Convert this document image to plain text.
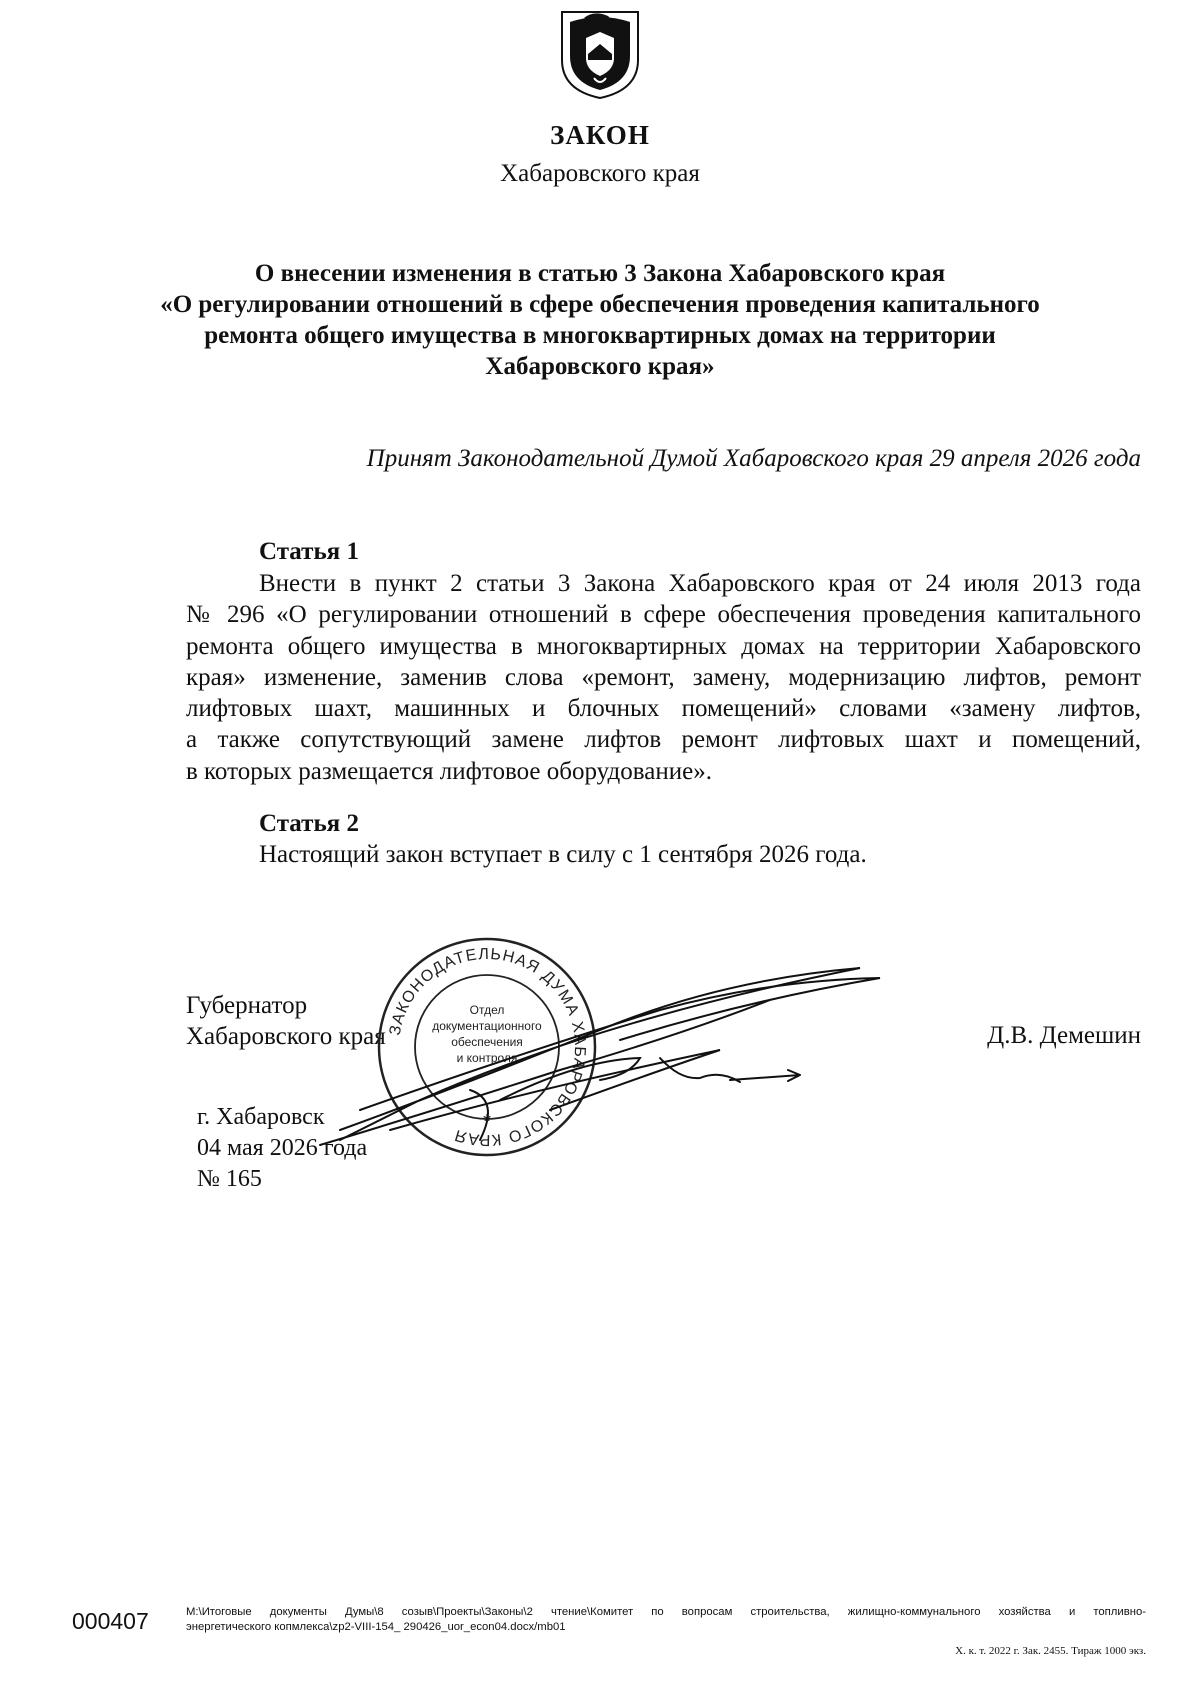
ЗАКОН
Хабаровского края
О внесении изменения в статью 3 Закона Хабаровского края
«О регулировании отношений в сфере обеспечения проведения капитального
ремонта общего имущества в многоквартирных домах на территории
Хабаровского края»
Принят Законодательной Думой Хабаровского края 29 апреля 2026 года
Статья 1
Внести в пункт 2 статьи 3 Закона Хабаровского края от 24 июля 2013 года
№ 296 «О регулировании отношений в сфере обеспечения проведения капитального
ремонта общего имущества в многоквартирных домах на территории Хабаровского
края» изменение, заменив слова «ремонт, замену, модернизацию лифтов, ремонт
лифтовых шахт, машинных и блочных помещений» словами «замену лифтов,
а также сопутствующий замене лифтов ремонт лифтовых шахт и помещений,
в которых размещается лифтовое оборудование».
Статья 2
Настоящий закон вступает в силу с 1 сентября 2026 года.
Губернатор
Хабаровского края	Д.В. Демешин
г. Хабаровск
04 мая 2026 года
№ 165
ЗАКОНОДАТЕЛЬНАЯ ДУМА ХАБАРОВСКОГО КРАЯ
Отдел
документационного
обеспечения
и контроля
*
000407	M:\Итоговые документы Думы\8 созыв\Проекты\Законы\2 чтение\Комитет по вопросам строительства, жилищно-коммунального хозяйства и топливно-
энергетического копмлекса\zp2-VIII-154_ 290426_uor_econ04.docx/mb01
Х. к. т. 2022 г. Зак. 2455. Тираж 1000 экз.
